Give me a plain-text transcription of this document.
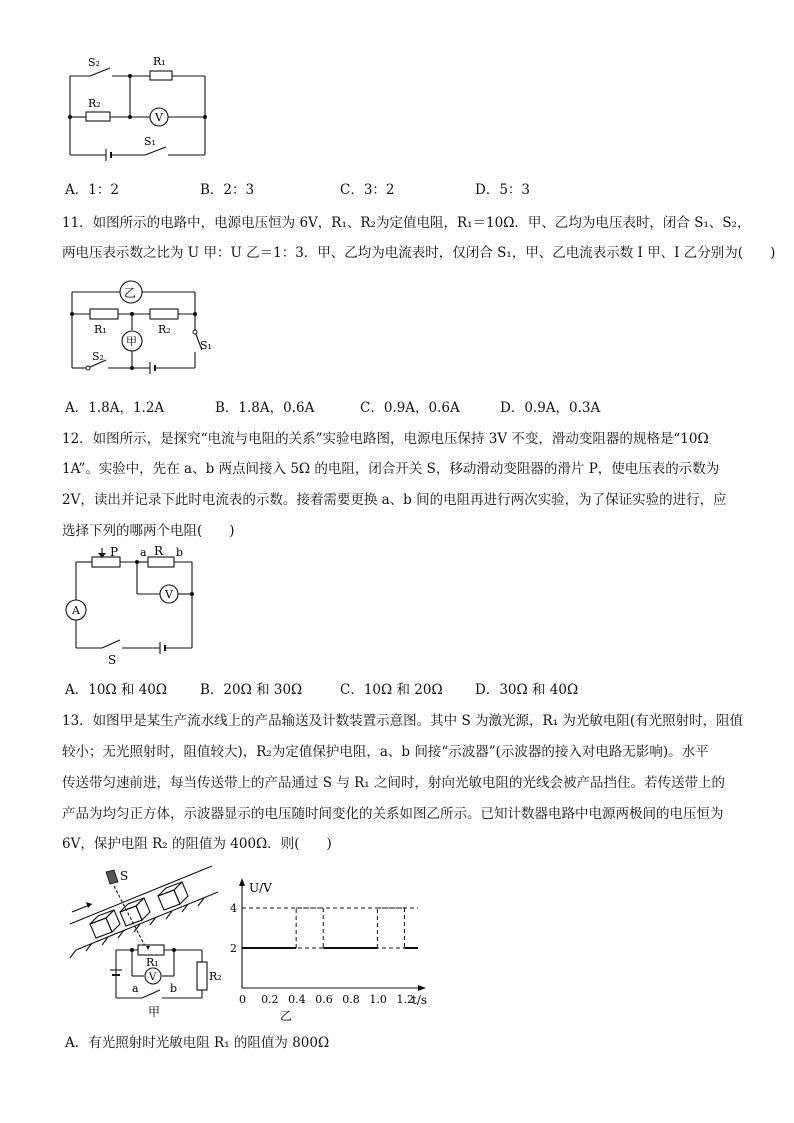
S₂	R₁
R₂
V
S₁
A．1：2	B．2：3	C．3：2	D．5：3
11．如图所示的电路中，电源电压恒为 6V，R₁、R₂为定值电阻，R₁＝10Ω．甲、乙均为电压表时，闭合 S₁、S₂，
两电压表示数之比为 U 甲：U 乙＝1：3．甲、乙均为电流表时，仅闭合 S₁，甲、乙电流表示数 I 甲、I 乙分别为(　　)
乙
R₁	R₂
甲	S₁
S₂
A．1.8A，1.2A	B．1.8A，0.6A	C．0.9A，0.6A	D．0.9A，0.3A
12．如图所示，是探究“电流与电阻的关系”实验电路图，电源电压保持 3V 不变，滑动变阻器的规格是“10Ω
1A”。实验中，先在 a、b 两点间接入 5Ω 的电阻，闭合开关 S，移动滑动变阻器的滑片 P，使电压表的示数为
2V，读出并记录下此时电流表的示数。接着需要更换 a、b 间的电阻再进行两次实验，为了保证实验的进行，应
选择下列的哪两个电阻(　　)
P a R b
V
A
S
A．10Ω 和 40Ω B．20Ω 和 30Ω	C．10Ω 和 20Ω D．30Ω 和 40Ω
13．如图甲是某生产流水线上的产品输送及计数装置示意图。其中 S 为激光源，R₁ 为光敏电阻(有光照射时，阻值
较小；无光照射时，阻值较大)，R₂为定值保护电阻，a、b 间接“示波器”(示波器的接入对电路无影响)。水平
传送带匀速前进，每当传送带上的产品通过 S 与 R₁ 之间时，射向光敏电阻的光线会被产品挡住。若传送带上的
产品为均匀正方体，示波器显示的电压随时间变化的关系如图乙所示。已知计数器电路中电源两极间的电压恒为
6V，保护电阻 R₂ 的阻值为 400Ω．则(　　)
S
R₁
V
a	b
R₂
甲
0 0.2 0.4 0.6 0.8 1.0 1.2
2
4
U/V
t/s
乙
A．有光照射时光敏电阻 R₁ 的阻值为 800Ω
